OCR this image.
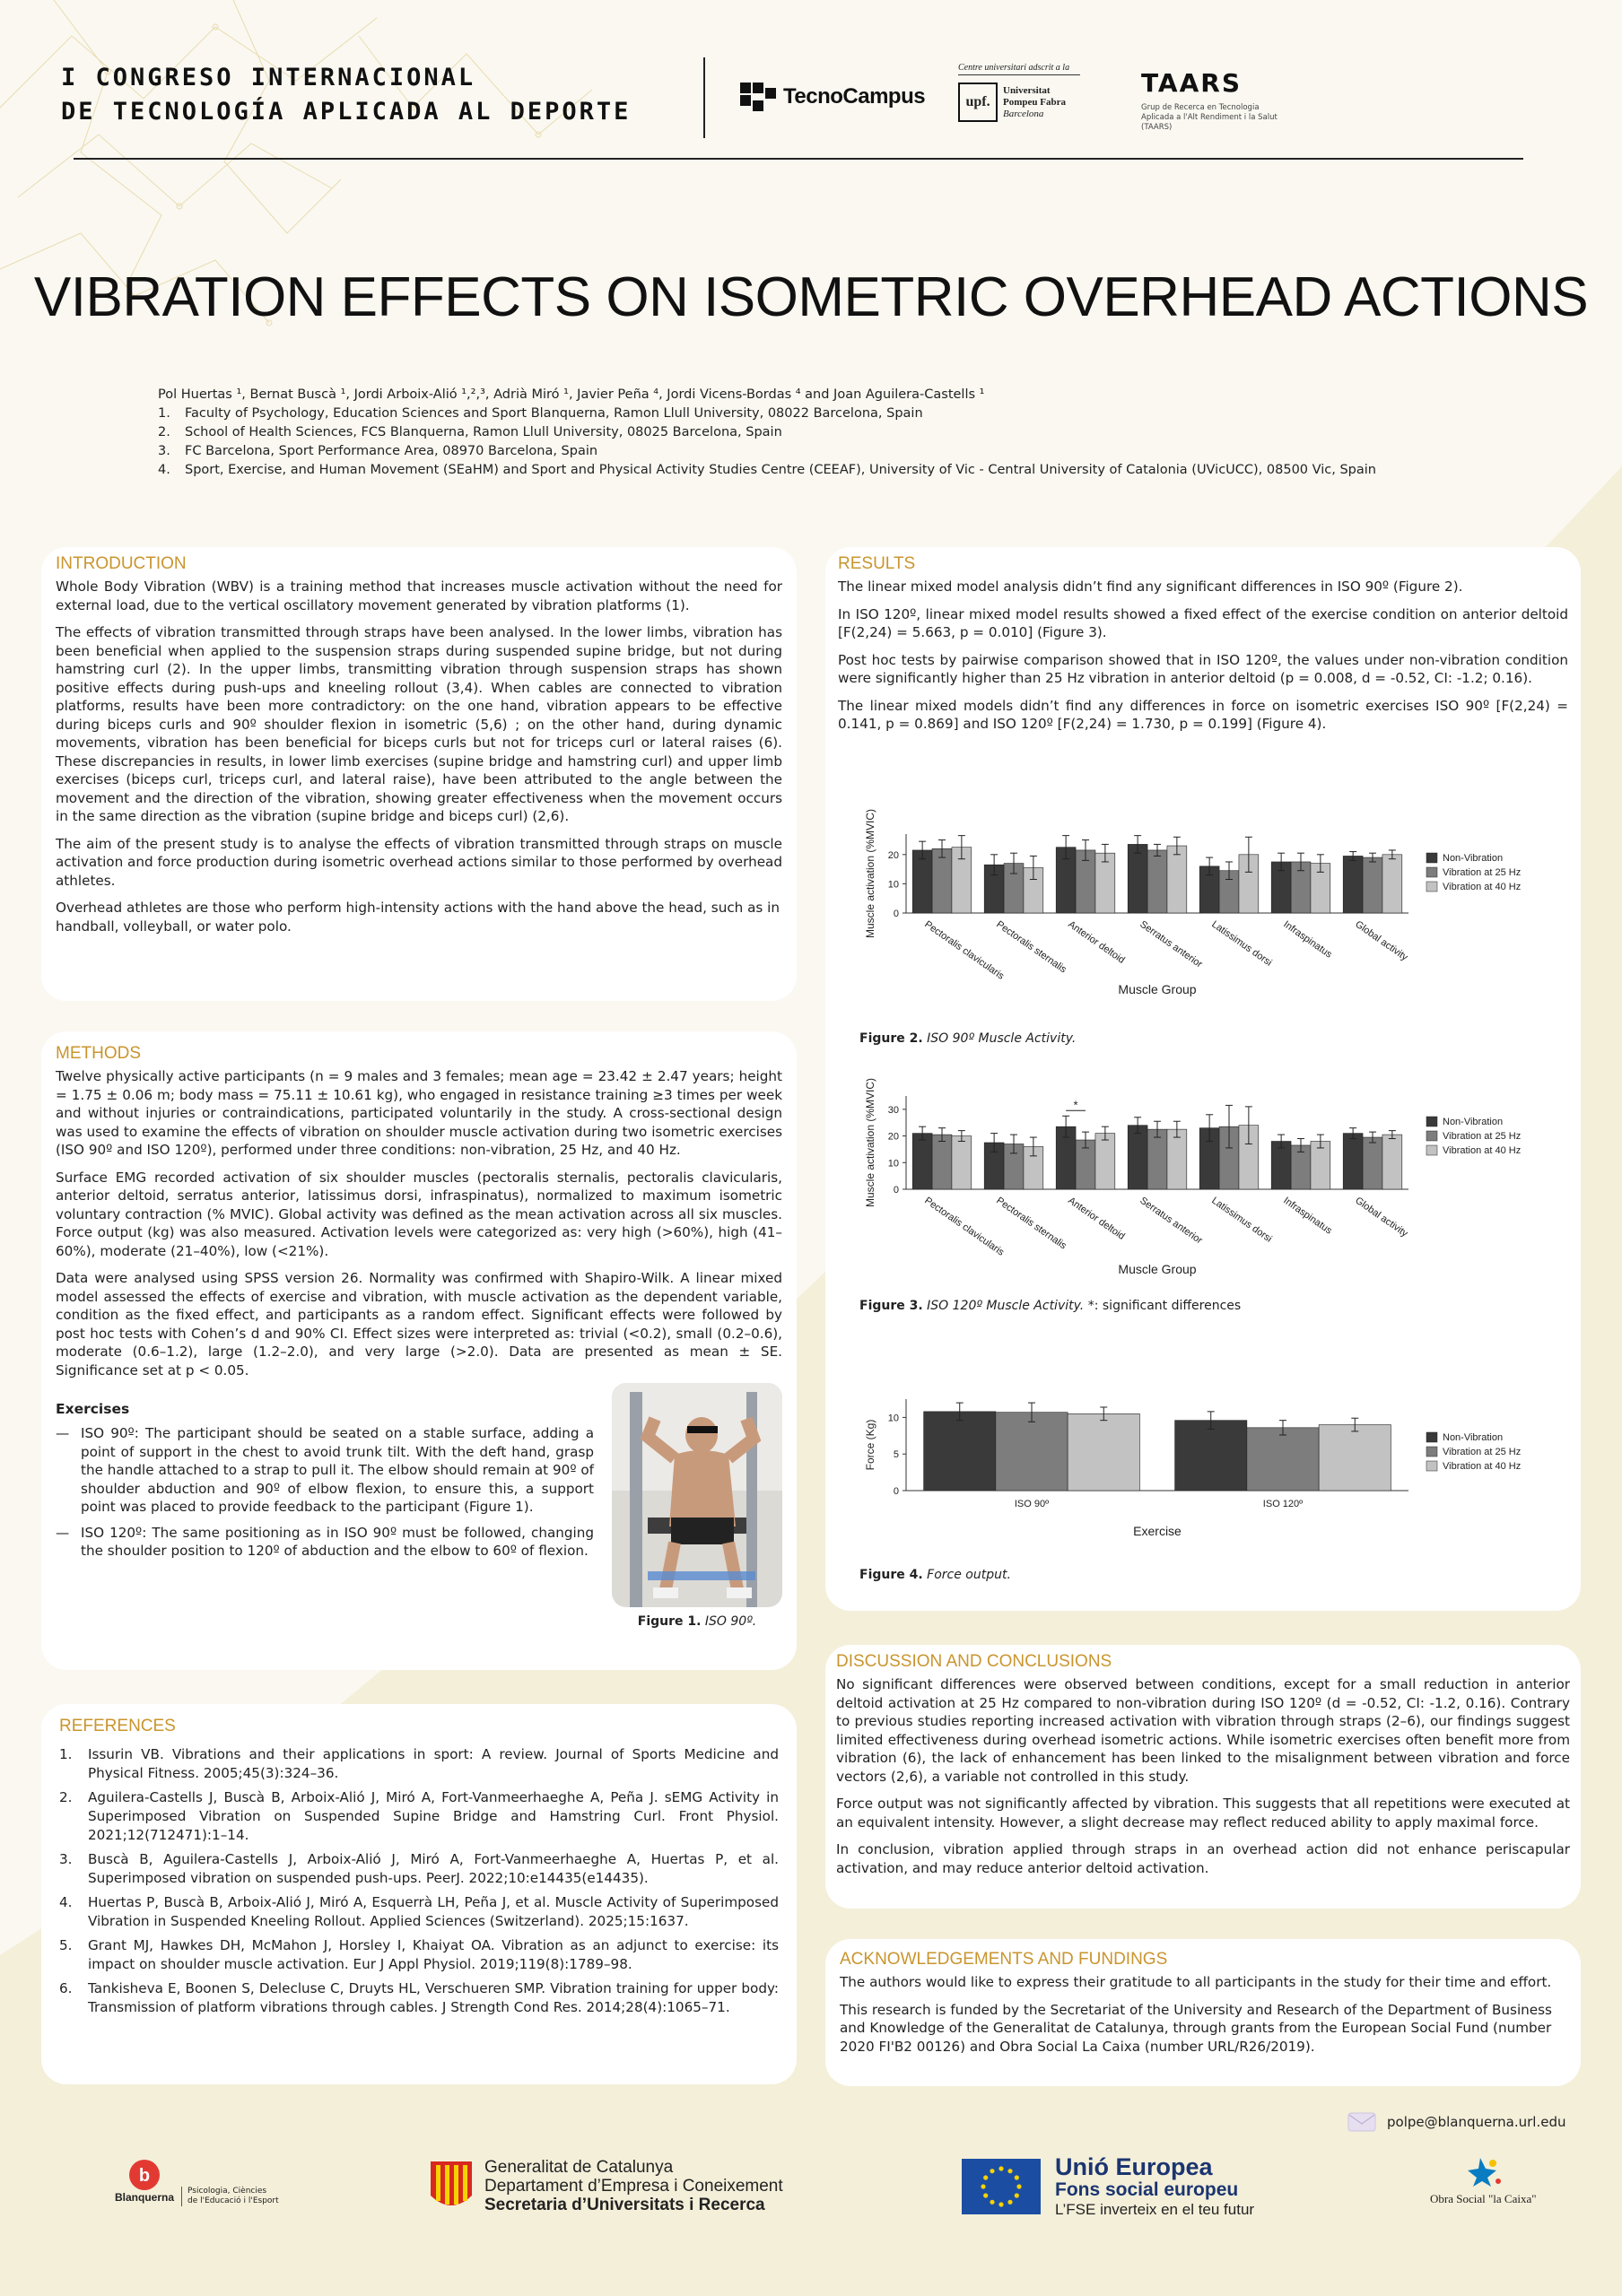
I CONGRESO INTERNACIONAL
DE TECNOLOGÍA APLICADA AL DEPORTE
TecnoCampus
Centre universitari adscrit a la
upf.
Universitat
Pompeu Fabra
Barcelona
TAARS
Grup de Recerca en Tecnologia Aplicada a l'Alt Rendiment i la Salut (TAARS)
VIBRATION EFFECTS ON ISOMETRIC OVERHEAD ACTIONS
Pol Huertas ¹, Bernat Buscà ¹, Jordi Arboix-Alió ¹,²,³, Adrià Miró ¹, Javier Peña ⁴, Jordi Vicens-Bordas ⁴ and Joan Aguilera-Castells ¹
1.	Faculty of Psychology, Education Sciences and Sport Blanquerna, Ramon Llull University, 08022 Barcelona, Spain
2.	School of Health Sciences, FCS Blanquerna, Ramon Llull University, 08025 Barcelona, Spain
3.	FC Barcelona, Sport Performance Area, 08970 Barcelona, Spain
4.	Sport, Exercise, and Human Movement (SEaHM) and Sport and Physical Activity Studies Centre (CEEAF), University of Vic - Central University of Catalonia (UVicUCC), 08500 Vic, Spain
INTRODUCTION

Whole Body Vibration (WBV) is a training method that increases muscle activation without the need for external load, due to the vertical oscillatory movement generated by vibration platforms (1).

The effects of vibration transmitted through straps have been analysed. In the lower limbs, vibration has been beneficial when applied to the suspension straps during suspended supine bridge, but not during hamstring curl (2). In the upper limbs, transmitting vibration through suspension straps has shown positive effects during push-ups and kneeling rollout (3,4). When cables are connected to vibration platforms, results have been more contradictory: on the one hand, vibration appears to be effective during biceps curls and 90º shoulder flexion in isometric (5,6) ; on the other hand, during dynamic movements, vibration has been beneficial for biceps curls but not for triceps curl or lateral raises (6). These discrepancies in results, in lower limb exercises (supine bridge and hamstring curl) and upper limb exercises (biceps curl, triceps curl, and lateral raise), have been attributed to the angle between the movement and the direction of the vibration, showing greater effectiveness when the movement occurs in the same direction as the vibration (supine bridge and biceps curl) (2,6).

The aim of the present study is to analyse the effects of vibration transmitted through straps on muscle activation and force production during isometric overhead actions similar to those performed by overhead athletes.

Overhead athletes are those who perform high-intensity actions with the hand above the head, such as in handball, volleyball, or water polo.

METHODS

Twelve physically active participants (n = 9 males and 3 females; mean age = 23.42 ± 2.47 years; height = 1.75 ± 0.06 m; body mass = 75.11 ± 10.61 kg), who engaged in resistance training ≥3 times per week and without injuries or contraindications, participated voluntarily in the study. A cross-sectional design was used to examine the effects of vibration on shoulder muscle activation during two isometric exercises (ISO 90º and ISO 120º), performed under three conditions: non-vibration, 25 Hz, and 40 Hz.

Surface EMG recorded activation of six shoulder muscles (pectoralis sternalis, pectoralis clavicularis, anterior deltoid, serratus anterior, latissimus dorsi, infraspinatus), normalized to maximum isometric voluntary contraction (% MVIC). Global activity was defined as the mean activation across all six muscles. Force output (kg) was also measured. Activation levels were categorized as: very high (>60%), high (41–60%), moderate (21–40%), low (<21%).

Data were analysed using SPSS version 26. Normality was confirmed with Shapiro-Wilk. A linear mixed model assessed the effects of exercise and vibration, with muscle activation as the dependent variable, condition as the fixed effect, and participants as a random effect. Significant effects were followed by post hoc tests with Cohen’s d and 90% CI. Effect sizes were interpreted as: trivial (<0.2), small (0.2–0.6), moderate (0.6–1.2), large (1.2–2.0), and very large (>2.0). Data are presented as mean ± SE. Significance set at p < 0.05.

Exercises
— ISO 90º: The participant should be seated on a stable surface, adding a point of support in the chest to avoid trunk tilt. With the deft hand, grasp the handle attached to a strap to pull it. The elbow should remain at 90º of shoulder abduction and 90º of elbow flexion, to ensure this, a support point was placed to provide feedback to the participant (Figure 1).
— ISO 120º: The same positioning as in ISO 90º must be followed, changing the shoulder position to 120º of abduction and the elbow to 60º of flexion.
Figure 1. ISO 90º.
REFERENCES
1.	Issurin VB. Vibrations and their applications in sport: A review. Journal of Sports Medicine and Physical Fitness. 2005;45(3):324–36.
2.	Aguilera-Castells J, Buscà B, Arboix-Alió J, Miró A, Fort-Vanmeerhaeghe A, Peña J. sEMG Activity in Superimposed Vibration on Suspended Supine Bridge and Hamstring Curl. Front Physiol. 2021;12(712471):1–14.
3.	Buscà B, Aguilera-Castells J, Arboix-Alió J, Miró A, Fort-Vanmeerhaeghe A, Huertas P, et al. Superimposed vibration on suspended push-ups. PeerJ. 2022;10:e14435(e14435).
4.	Huertas P, Buscà B, Arboix-Alió J, Miró A, Esquerrà LH, Peña J, et al. Muscle Activity of Superimposed Vibration in Suspended Kneeling Rollout. Applied Sciences (Switzerland). 2025;15:1637.
5.	Grant MJ, Hawkes DH, McMahon J, Horsley I, Khaiyat OA. Vibration as an adjunct to exercise: its impact on shoulder muscle activation. Eur J Appl Physiol. 2019;119(8):1789–98.
6.	Tankisheva E, Boonen S, Delecluse C, Druyts HL, Verschueren SMP. Vibration training for upper body: Transmission of platform vibrations through cables. J Strength Cond Res. 2014;28(4):1065–71.
RESULTS

The linear mixed model analysis didn’t find any significant differences in ISO 90º (Figure 2).

In ISO 120º, linear mixed model results showed a fixed effect of the exercise condition on anterior deltoid [F(2,24) = 5.663, p = 0.010] (Figure 3).

Post hoc tests by pairwise comparison showed that in ISO 120º, the values under non-vibration condition were significantly higher than 25 Hz vibration in anterior deltoid (p = 0.008, d = -0.52, CI: -1.2; 0.16).

The linear mixed models didn’t find any differences in force on isometric exercises ISO 90º [F(2,24) = 0.141, p = 0.869] and ISO 120º [F(2,24) = 1.730, p = 0.199] (Figure 4).

0
10
20
Muscle activation (%MVIC)
Pectoralis clavicularis
Pectoralis sternalis
Anterior deltoid Serratus anterior Latissimus dorsi Infraspinatus Global activity
Muscle Group
Non-Vibration
Vibration at 25 Hz
Vibration at 40 Hz
Figure 2. ISO 90º Muscle Activity.
0
10
20
30
Muscle activation (%MVIC)
Pectoralis clavicularis
Pectoralis sternalis
Anterior deltoid
*
Serratus anterior Latissimus dorsi Infraspinatus Global activity
Muscle Group
Non-Vibration
Vibration at 25 Hz
Vibration at 40 Hz
Figure 3. ISO 120º Muscle Activity. *: significant differences
0
5
10
Force (Kg)
ISO 90º	ISO 120º
Exercise
Non-Vibration
Vibration at 25 Hz
Vibration at 40 Hz
Figure 4. Force output.
DISCUSSION AND CONCLUSIONS

No significant differences were observed between conditions, except for a small reduction in anterior deltoid activation at 25 Hz compared to non-vibration during ISO 120º (d = -0.52, CI: -1.2, 0.16). Contrary to previous studies reporting increased activation with vibration through straps (2–6), our findings suggest limited effectiveness during overhead isometric actions. While isometric exercises often benefit more from vibration (6), the lack of enhancement has been linked to the misalignment between vibration and force vectors (2,6), a variable not controlled in this study.

Force output was not significantly affected by vibration. This suggests that all repetitions were executed at an equivalent intensity. However, a slight decrease may reflect reduced ability to apply maximal force.

In conclusion, vibration applied through straps in an overhead action did not enhance periscapular activation, and may reduce anterior deltoid activation.

ACKNOWLEDGEMENTS AND FUNDINGS

The authors would like to express their gratitude to all participants in the study for their time and effort.

This research is funded by the Secretariat of the University and Research of the Department of Business and Knowledge of the Generalitat de Catalunya, through grants from the European Social Fund (number 2020 FI'B2 00126) and Obra Social La Caixa (number URL/R26/2019).

polpe@blanquerna.url.edu
b
Blanquerna Psicologia, Ciències
de l'Educació i l'Esport
Generalitat de Catalunya
Departament d’Empresa i Coneixement
Secretaria d’Universitats i Recerca
Unió Europea
Fons social europeu
L’FSE inverteix en el teu futur
Obra Social "la Caixa"
